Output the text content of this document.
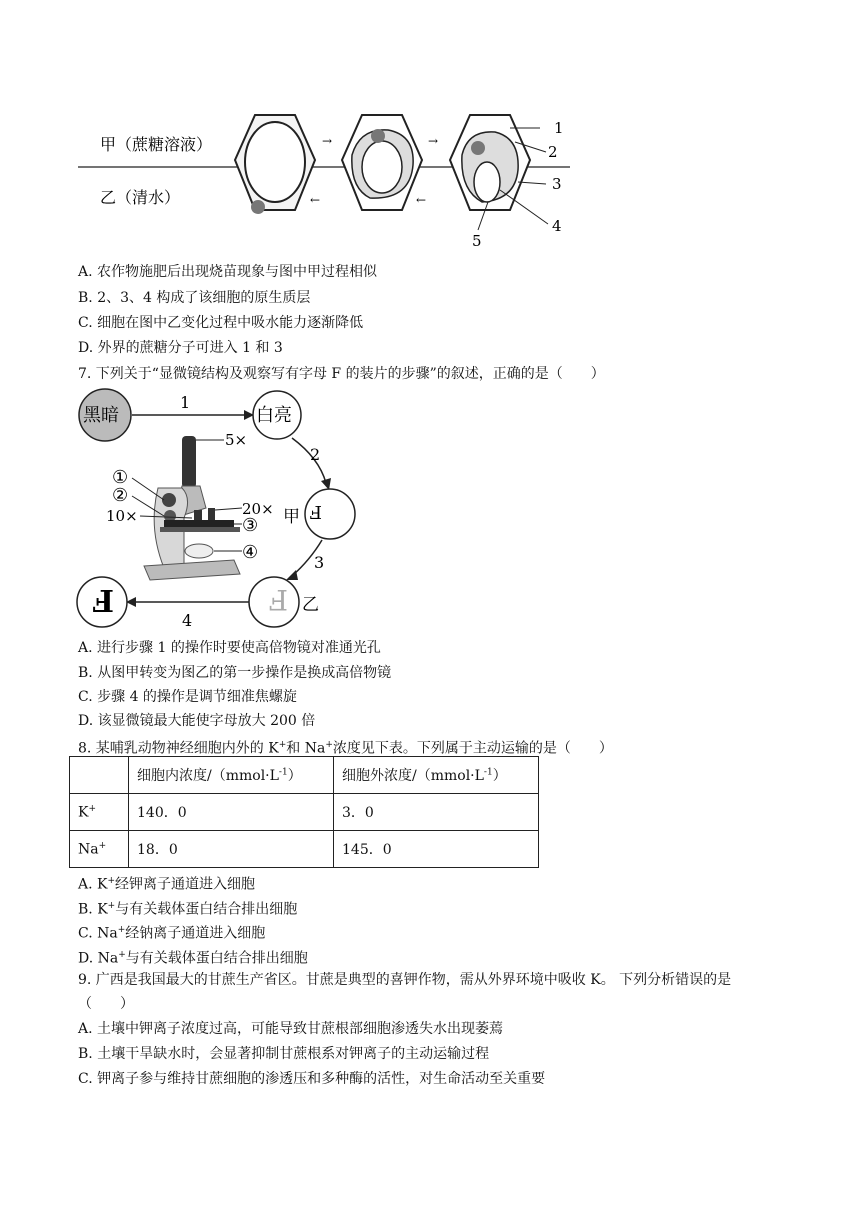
甲（蔗糖溶液）
乙（清水）
→	→
←	←
1
2
3
4
5
A. 农作物施肥后出现烧苗现象与图中甲过程相似
B. 2、3、4 构成了该细胞的原生质层
C. 细胞在图中乙变化过程中吸水能力逐渐降低
D. 外界的蔗糖分子可进入 1 和 3
7. 下列关于“显微镜结构及观察写有字母 F 的装片的步骤”的叙述，正确的是（　　）
黑暗
1
白亮
2
甲 F
3
F 乙
4
F
5×
①
②
10×	20×
③
④
A. 进行步骤 1 的操作时要使高倍物镜对准通光孔
B. 从图甲转变为图乙的第一步操作是换成高倍物镜
C. 步骤 4 的操作是调节细准焦螺旋
D. 该显微镜最大能使字母放大 200 倍
8. 某哺乳动物神经细胞内外的 K+和 Na+浓度见下表。下列属于主动运输的是（　　）
	细胞内浓度$/(mmol\cdot L^{-1})$	细胞外浓度$/(mmol\cdot L^{-1})$
K+	140．0	3．0
Na+	18．0	145．0
A. K+经钾离子通道进入细胞
B. K+与有关载体蛋白结合排出细胞
C. Na+经钠离子通道进入细胞
D. Na+与有关载体蛋白结合排出细胞
9. 广西是我国最大的甘蔗生产省区。甘蔗是典型的喜钾作物，需从外界环境中吸收 K。 下列分析错误的是
（　　）
A. 土壤中钾离子浓度过高，可能导致甘蔗根部细胞渗透失水出现萎蔫
B. 土壤干旱缺水时，会显著抑制甘蔗根系对钾离子的主动运输过程
C. 钾离子参与维持甘蔗细胞的渗透压和多种酶的活性，对生命活动至关重要
